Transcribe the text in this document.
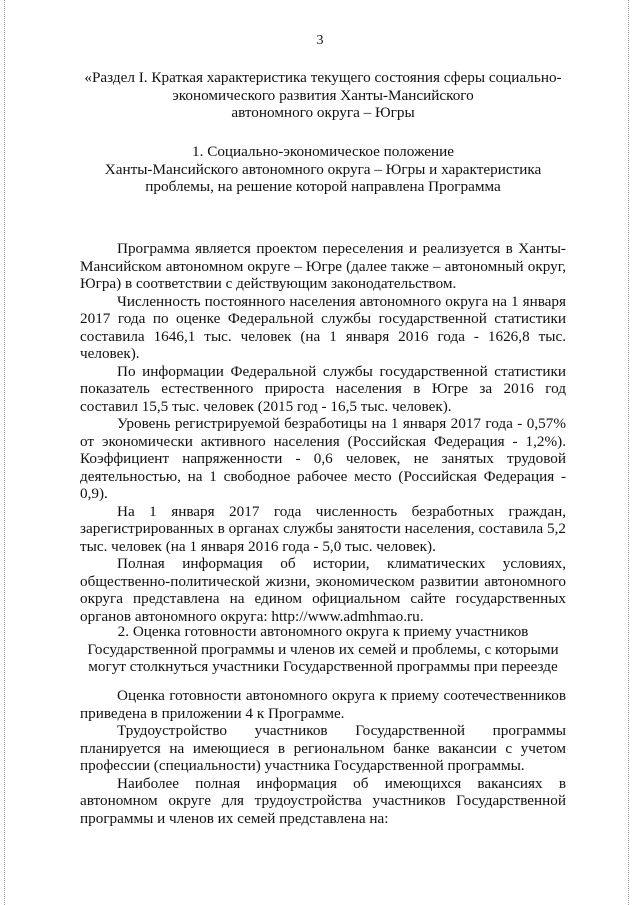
3
«Раздел I. Краткая характеристика текущего состояния сферы социально-
экономического развития Ханты-Мансийского
автономного округа – Югры
1. Социально-экономическое положение
Ханты-Мансийского автономного округа – Югры и характеристика
проблемы, на решение которой направлена Программа

Программа является проектом переселения и реализуется в Ханты-Мансийском автономном округе – Югре (далее также – автономный округ, Югра) в соответствии с действующим законодательством.

Численность постоянного населения автономного округа на 1 января 2017 года по оценке Федеральной службы государственной статистики составила 1646,1 тыс. человек (на 1 января 2016 года - 1626,8 тыс. человек).

По информации Федеральной службы государственной статистики показатель естественного прироста населения в Югре за 2016 год составил 15,5 тыс. человек (2015 год - 16,5 тыс. человек).

Уровень регистрируемой безработицы на 1 января 2017 года - 0,57% от экономически активного населения (Российская Федерация - 1,2%). Коэффициент напряженности - 0,6 человек, не занятых трудовой деятельностью, на 1 свободное рабочее место (Российская Федерация - 0,9).

На 1 января 2017 года численность безработных граждан, зарегистрированных в органах службы занятости населения, составила 5,2 тыс. человек (на 1 января 2016 года - 5,0 тыс. человек).

Полная информация об истории, климатических условиях, общественно-политической жизни, экономическом развитии автономного округа представлена на едином официальном сайте государственных органов автономного округа: http://www.admhmao.ru.

2. Оценка готовности автономного округа к приему участников
Государственной программы и членов их семей и проблемы, с которыми
могут столкнуться участники Государственной программы при переезде

Оценка готовности автономного округа к приему соотечественников приведена в приложении 4 к Программе.

Трудоустройство участников Государственной программы планируется на имеющиеся в региональном банке вакансии с учетом профессии (специальности) участника Государственной программы.

Наиболее полная информация об имеющихся вакансиях в автономном округе для трудоустройства участников Государственной программы и членов их семей представлена на:
